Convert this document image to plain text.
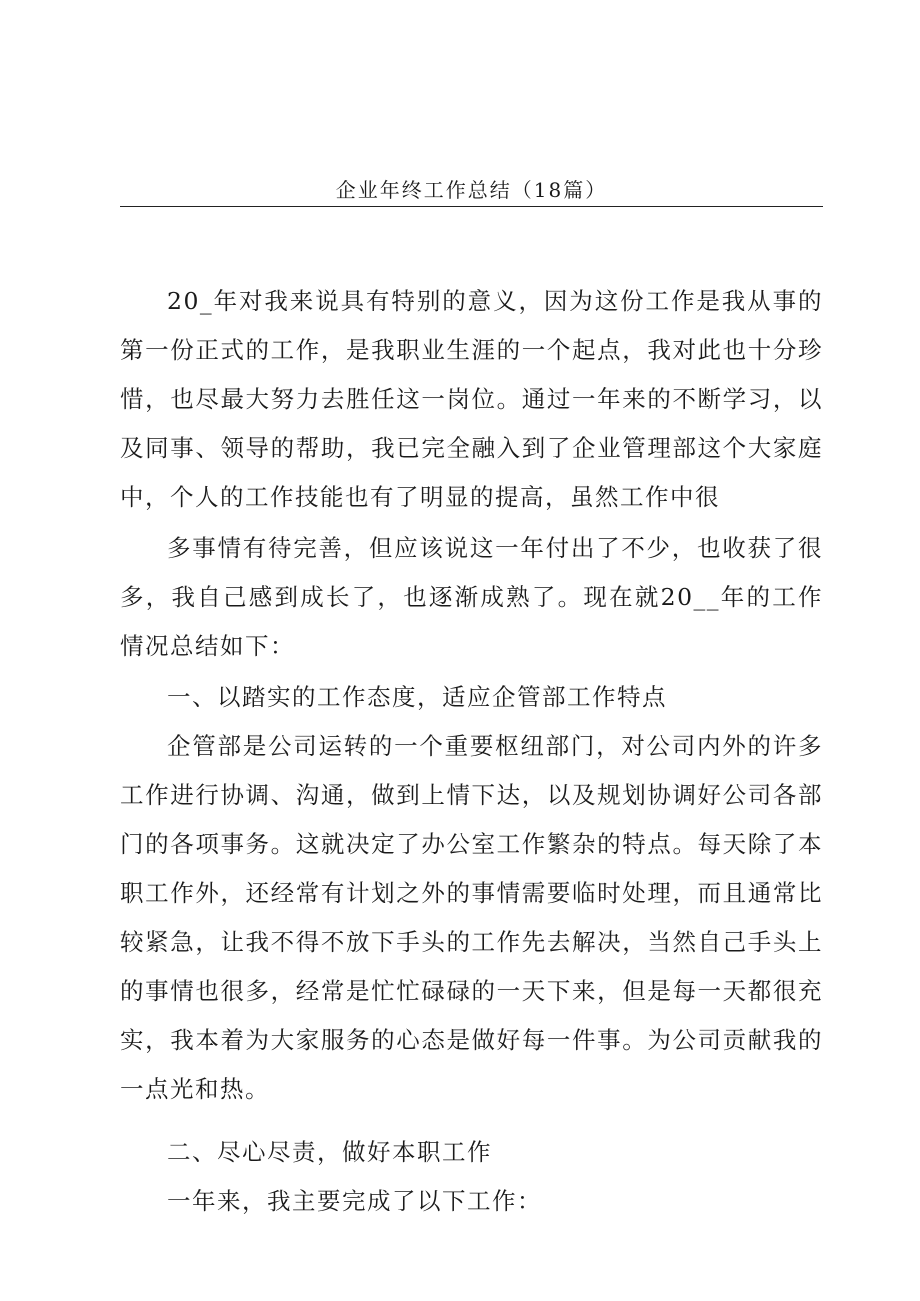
企业年终工作总结（18篇）

20_年对我来说具有特别的意义，因为这份工作是我从事的第一份正式的工作，是我职业生涯的一个起点，我对此也十分珍惜，也尽最大努力去胜任这一岗位。通过一年来的不断学习，以及同事、领导的帮助，我已完全融入到了企业管理部这个大家庭中，个人的工作技能也有了明显的提高，虽然工作中很

多事情有待完善，但应该说这一年付出了不少，也收获了很多，我自己感到成长了，也逐渐成熟了。现在就20__年的工作情况总结如下：

一、以踏实的工作态度，适应企管部工作特点

企管部是公司运转的一个重要枢纽部门，对公司内外的许多工作进行协调、沟通，做到上情下达，以及规划协调好公司各部门的各项事务。这就决定了办公室工作繁杂的特点。每天除了本职工作外，还经常有计划之外的事情需要临时处理，而且通常比较紧急，让我不得不放下手头的工作先去解决，当然自己手头上的事情也很多，经常是忙忙碌碌的一天下来，但是每一天都很充实，我本着为大家服务的心态是做好每一件事。为公司贡献我的一点光和热。

二、尽心尽责，做好本职工作

一年来，我主要完成了以下工作：
